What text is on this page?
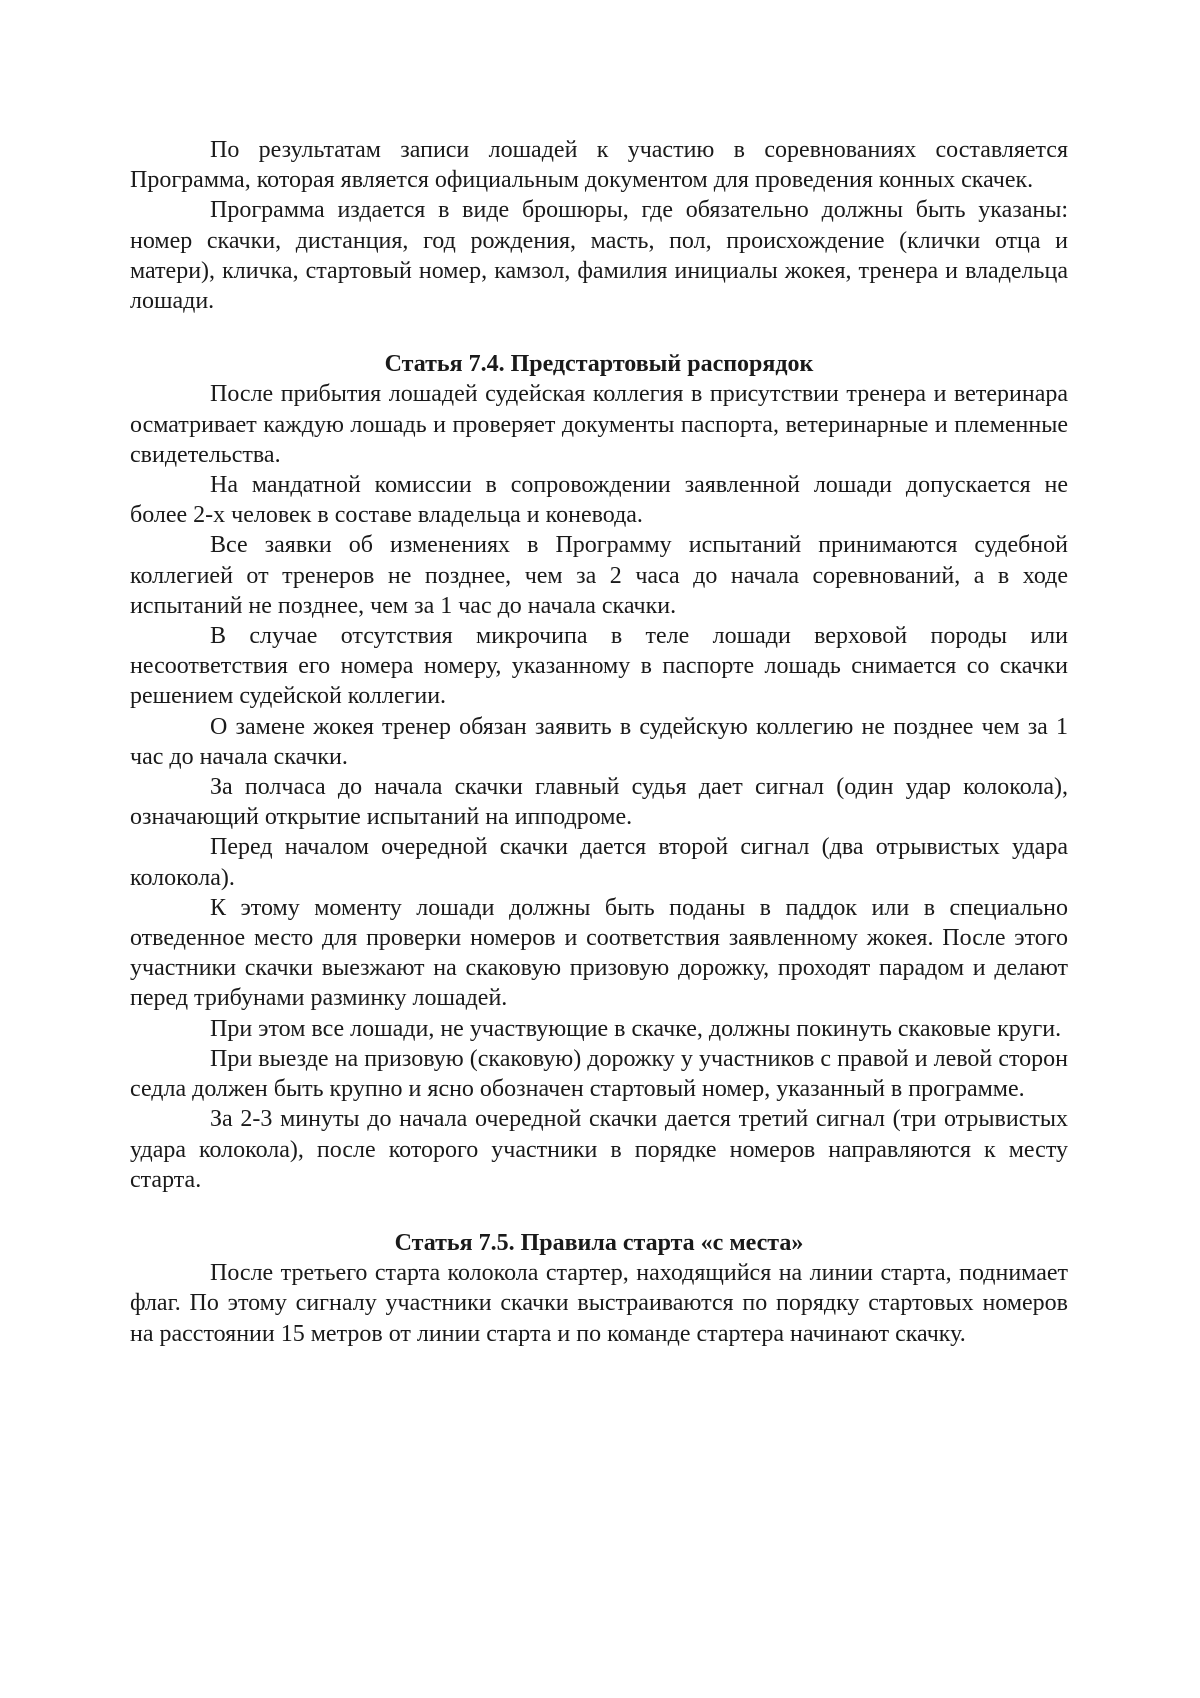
По результатам записи лошадей к участию в соревнованиях составляется Программа, которая является официальным документом для проведения конных скачек.

Программа издается в виде брошюры, где обязательно должны быть указаны: номер скачки, дистанция, год рождения, масть, пол, происхождение (клички отца и матери), кличка, стартовый номер, камзол, фамилия инициалы жокея, тренера и владельца лошади.

Статья 7.4. Предстартовый распорядок

После прибытия лошадей судейская коллегия в присутствии тренера и ветеринара осматривает каждую лошадь и проверяет документы паспорта, ветеринарные и племенные свидетельства.

На мандатной комиссии в сопровождении заявленной лошади допускается не более 2-х человек в составе владельца и коневода.

Все заявки об изменениях в Программу испытаний принимаются судебной коллегией от тренеров не позднее, чем за 2 часа до начала соревнований, а в ходе испытаний не позднее, чем за 1 час до начала скачки.

В случае отсутствия микрочипа в теле лошади верховой породы или несоответствия его номера номеру, указанному в паспорте лошадь снимается со скачки решением судейской коллегии.

О замене жокея тренер обязан заявить в судейскую коллегию не позднее чем за 1 час до начала скачки.

За полчаса до начала скачки главный судья дает сигнал (один удар колокола), означающий открытие испытаний на ипподроме.

Перед началом очередной скачки дается второй сигнал (два отрывистых удара колокола).

К этому моменту лошади должны быть поданы в паддок или в специально отведенное место для проверки номеров и соответствия заявленному жокея. После этого участники скачки выезжают на скаковую призовую дорожку, проходят парадом и делают перед трибунами разминку лошадей.

При этом все лошади, не участвующие в скачке, должны покинуть скаковые круги.

При выезде на призовую (скаковую) дорожку у участников с правой и левой сторон седла должен быть крупно и ясно обозначен стартовый номер, указанный в программе.

За 2-3 минуты до начала очередной скачки дается третий сигнал (три отрывистых удара колокола), после которого участники в порядке номеров направляются к месту старта.

Статья 7.5. Правила старта «с места»

После третьего старта колокола стартер, находящийся на линии старта, поднимает флаг. По этому сигналу участники скачки выстраиваются по порядку стартовых номеров на расстоянии 15 метров от линии старта и по команде стартера начинают скачку.
